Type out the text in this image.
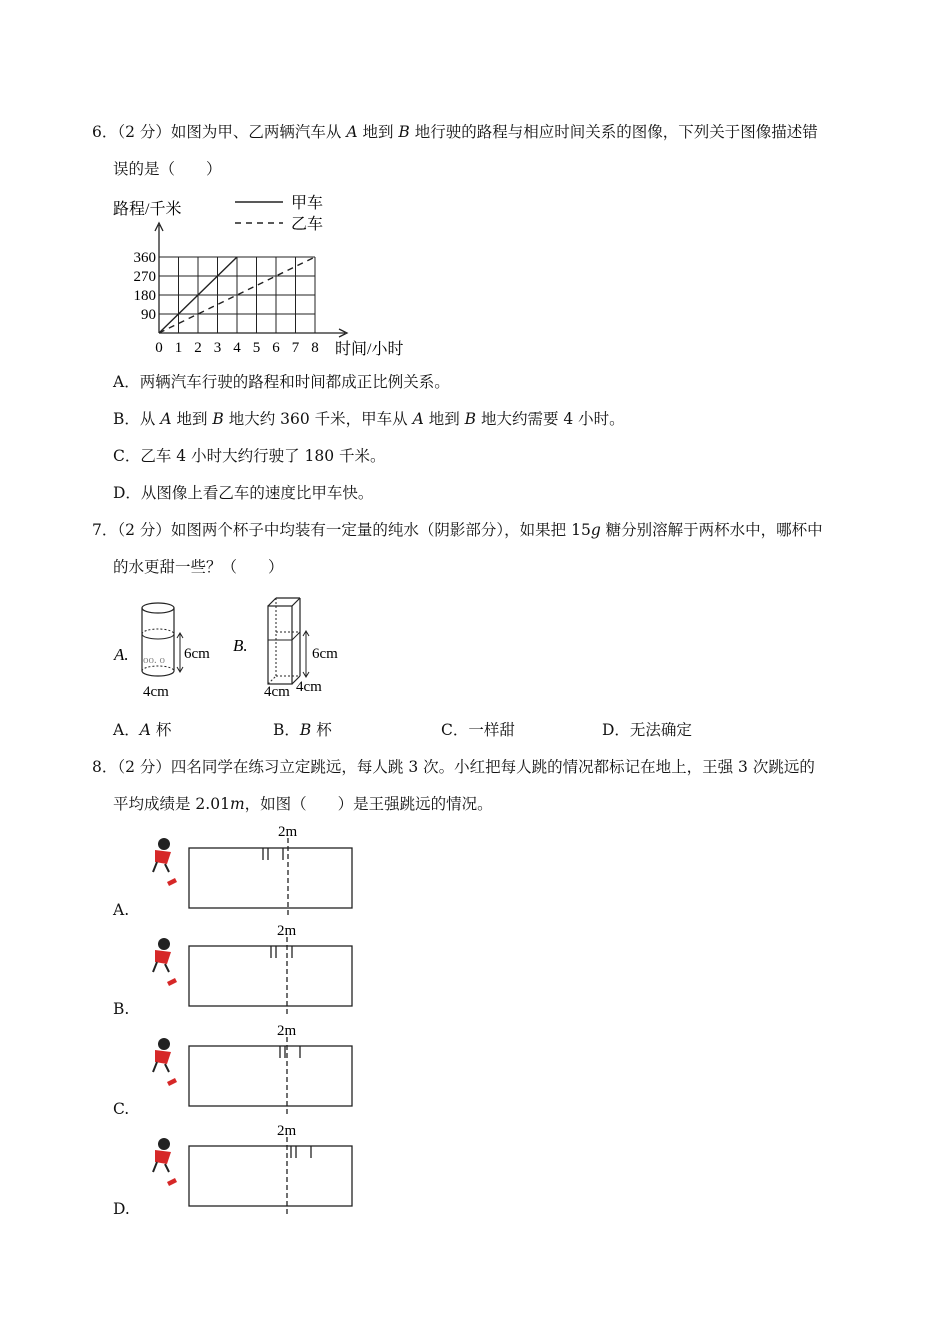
6．（2 分）如图为甲、乙两辆汽车从 A 地到 B 地行驶的路程与相应时间关系的图像，下列关于图像描述错
误的是（　　）
0 1 2 3 4 5 6 7 8
90
180
270
360
路程/千米
时间/小时
甲车
乙车
A．两辆汽车行驶的路程和时间都成正比例关系。
B．从 A 地到 B 地大约 360 千米，甲车从 A 地到 B 地大约需要 4 小时。
C．乙车 4 小时大约行驶了 180 千米。
D．从图像上看乙车的速度比甲车快。
7．（2 分）如图两个杯子中均装有一定量的纯水（阴影部分），如果把 15g 糖分别溶解于两杯水中，哪杯中
的水更甜一些？（　　）
A. oo. o 6cm
4cm
B.	6cm
4cm 4cm
A．A 杯	B．B 杯	C．一样甜	D．无法确定
8．（2 分）四名同学在练习立定跳远，每人跳 3 次。小红把每人跳的情况都标记在地上，王强 3 次跳远的
平均成绩是 2.01m，如图（　　）是王强跳远的情况。
2m
A.
2m
B.
2m
C.
2m
D.
